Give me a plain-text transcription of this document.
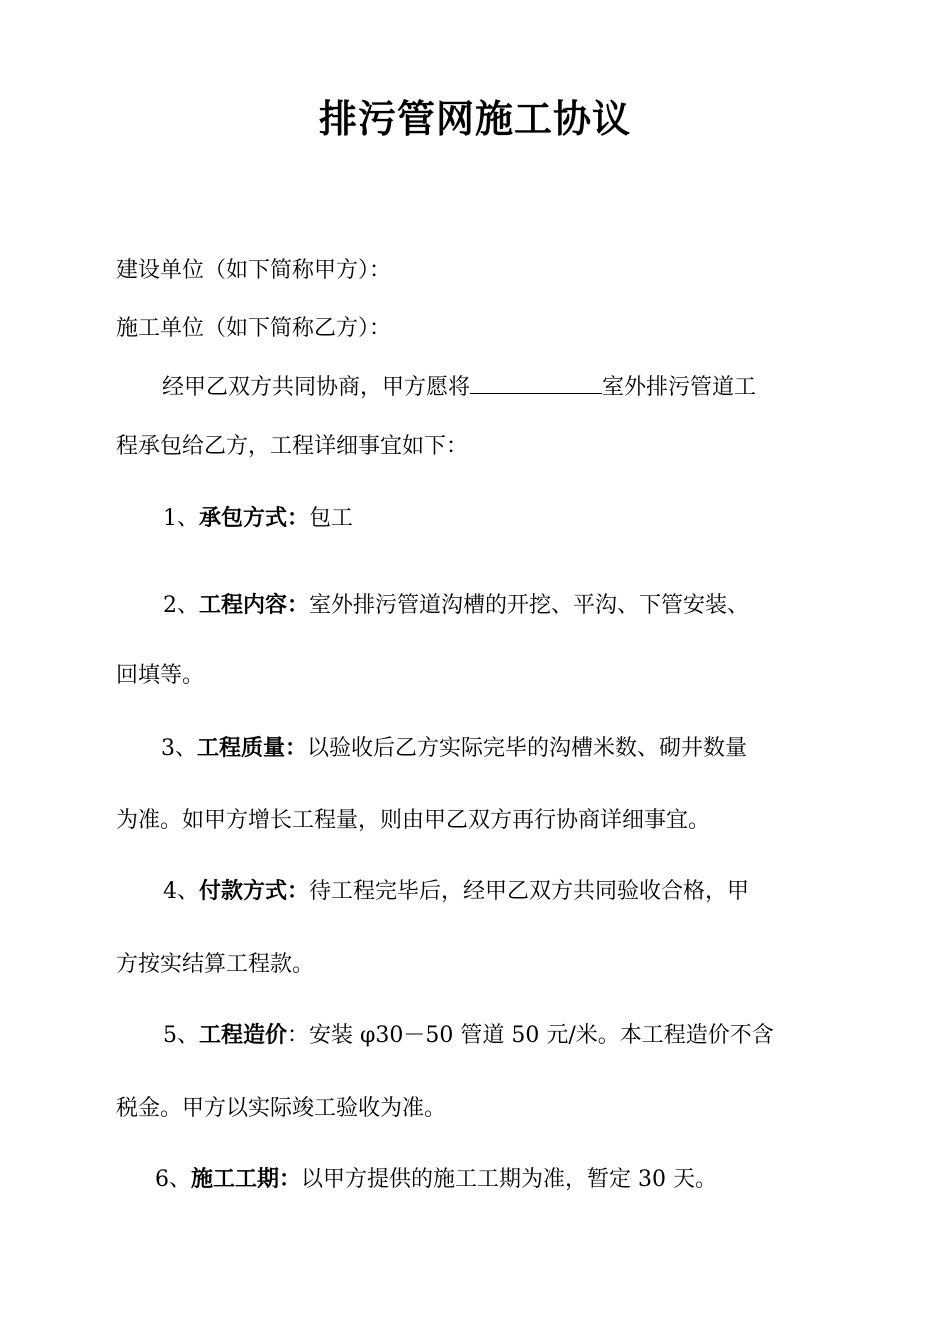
排污管网施工协议
建设单位（如下简称甲方）：
施工单位（如下简称乙方）：
经甲乙双方共同协商，甲方愿将	室外排污管道工
程承包给乙方，工程详细事宜如下：
1、承包方式：包工
2、工程内容：室外排污管道沟槽的开挖、平沟、下管安装、
回填等。
3、工程质量：以验收后乙方实际完毕的沟槽米数、砌井数量
为准。如甲方增长工程量，则由甲乙双方再行协商详细事宜。
4、付款方式：待工程完毕后，经甲乙双方共同验收合格，甲
方按实结算工程款。
5、工程造价：安装 φ30－50 管道 50 元/米。本工程造价不含
税金。甲方以实际竣工验收为准。
6、施工工期：以甲方提供的施工工期为准，暂定 30 天。
